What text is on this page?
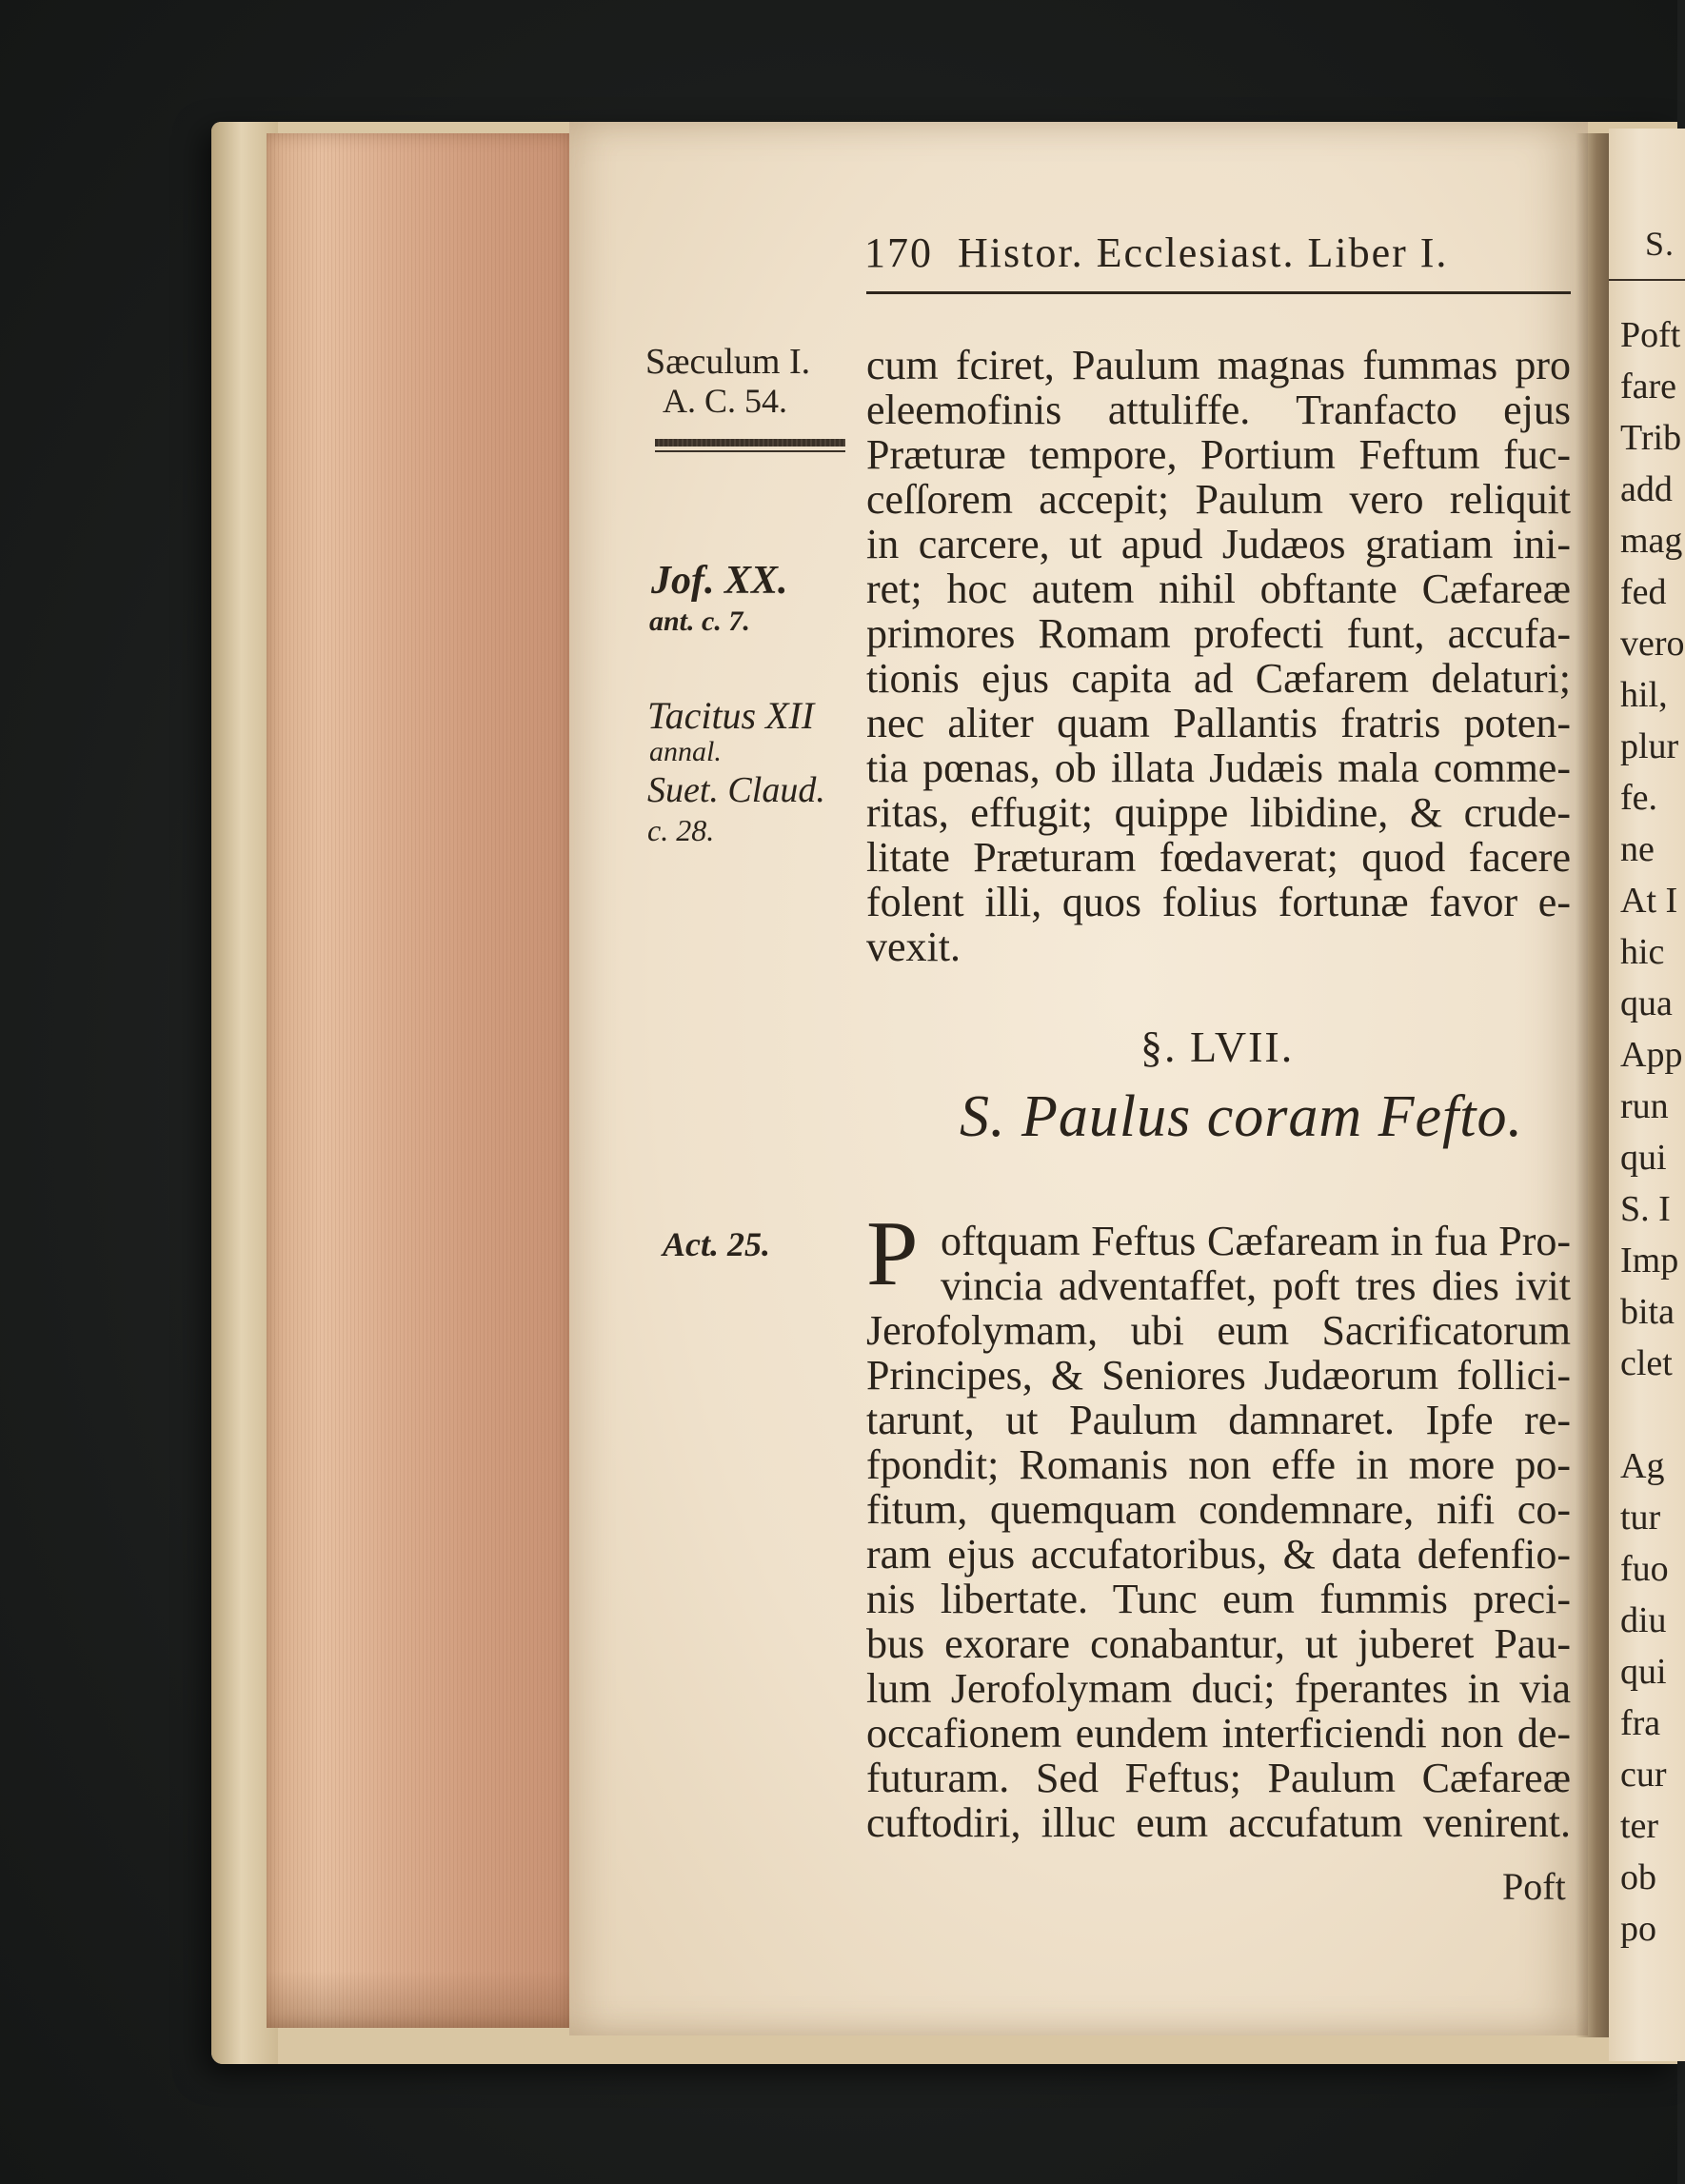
170 Histor. Ecclesiast. Liber I.
Sæculum I.
A. C. 54.
Jof. XX.
ant. c. 7.
Tacitus XII
annal.
Suet. Claud.
c. 28.
Act. 25.
cum fciret, Paulum magnas fummas pro
eleemofinis attuliffe. Tranfacto ejus
Præturæ tempore, Portium Feftum fuc-
ceſſorem accepit; Paulum vero reliquit
in carcere, ut apud Judæos gratiam ini-
ret; hoc autem nihil obftante Cæfareæ
primores Romam profecti funt, accufa-
tionis ejus capita ad Cæfarem delaturi;
nec aliter quam Pallantis fratris poten-
tia pœnas, ob illata Judæis mala comme-
ritas, effugit; quippe libidine, & crude-
litate Præturam fœdaverat; quod facere
folent illi, quos folius fortunæ favor e-
vexit.
§. LVII.
S. Paulus coram Fefto.
P oftquam Feftus Cæfaream in fua Pro-
vincia adventaffet, poft tres dies ivit
Jerofolymam, ubi eum Sacrificatorum
Principes, & Seniores Judæorum follici-
tarunt, ut Paulum damnaret. Ipfe re-
fpondit; Romanis non effe in more po-
fitum, quemquam condemnare, nifi co-
ram ejus accufatoribus, & data defenfio-
nis libertate. Tunc eum fummis preci-
bus exorare conabantur, ut juberet Pau-
lum Jerofolymam duci; fperantes in via
occafionem eundem interficiendi non de-
futuram. Sed Feftus; Paulum Cæfareæ
cuftodiri, illuc eum accufatum venirent.
Poft
S.
Poft
fare
Trib
add
mag
fed
vero
hil,
plur
fe.
ne
At I
hic
qua
App
run
qui
S. I
Imp
bita
clet
Ag
tur
fuo
diu
qui
fra
cur
ter
ob
po
